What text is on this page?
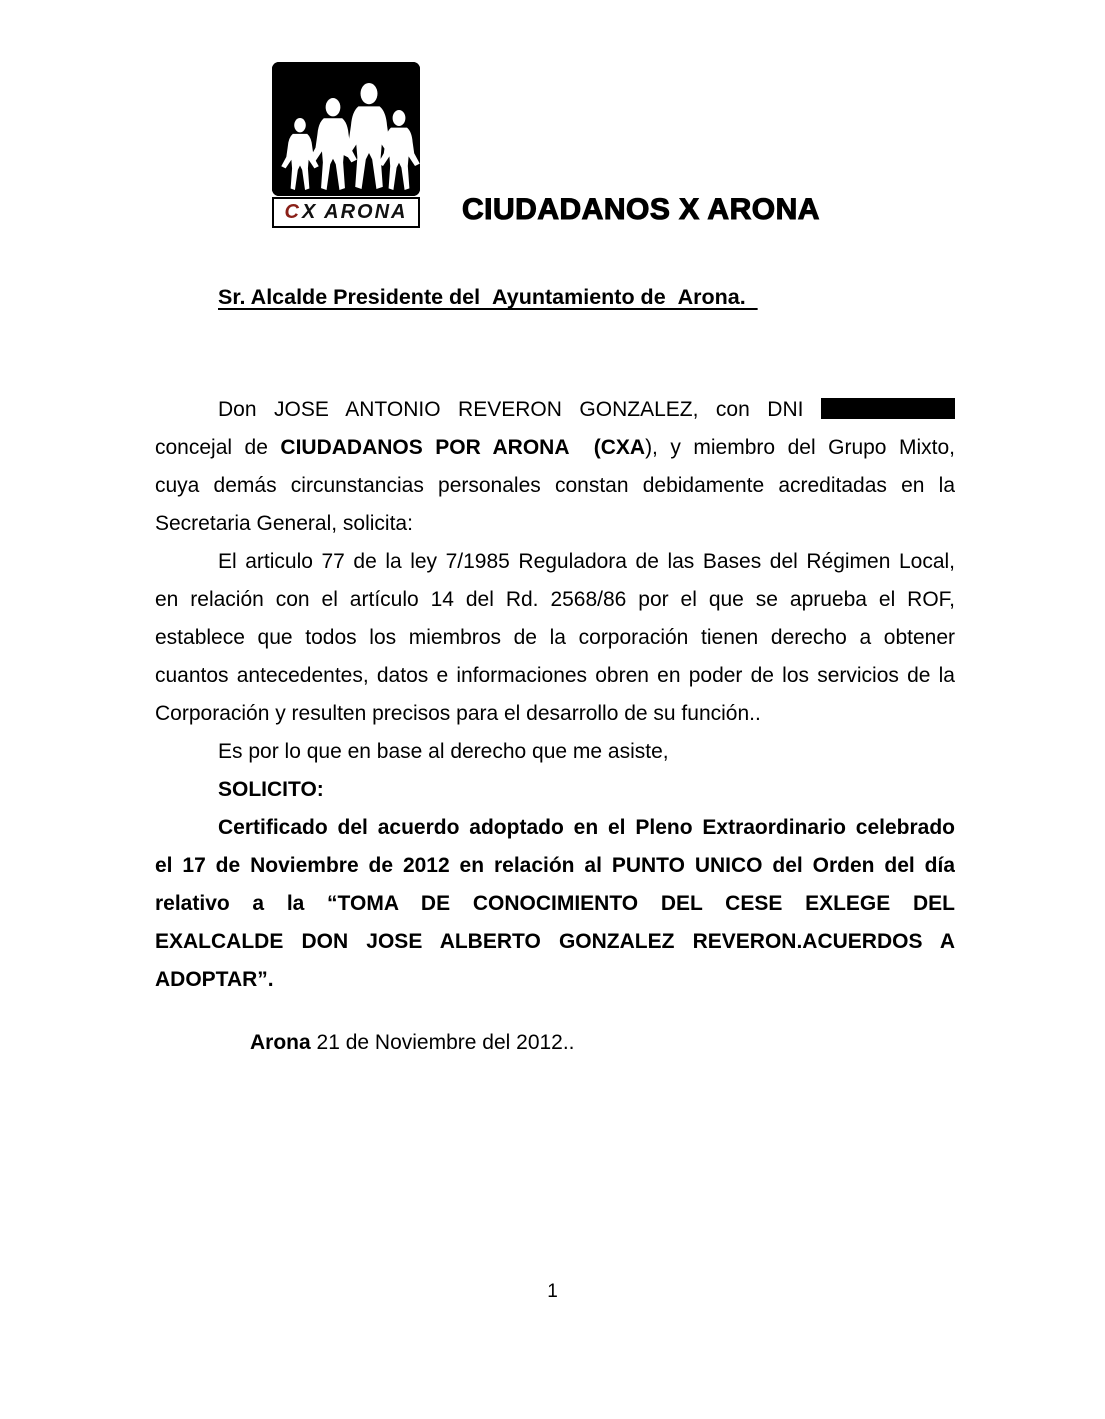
C X ARONA CIUDADANOS X ARONA
Sr. Alcalde Presidente del  Ayuntamiento de  Arona.
Don JOSE ANTONIO REVERON GONZALEZ, con DNI
concejal de CIUDADANOS POR ARONA  (CXA), y miembro del Grupo Mixto,
cuya demás circunstancias personales constan debidamente acreditadas en la
Secretaria General, solicita:
El articulo 77 de la ley 7/1985 Reguladora de las Bases del Régimen Local,
en relación con el artículo 14 del Rd. 2568/86 por el que se aprueba el ROF,
establece que todos los miembros de la corporación tienen derecho a obtener
cuantos antecedentes, datos e informaciones obren en poder de los servicios de la
Corporación y resulten precisos para el desarrollo de su función..
Es por lo que en base al derecho que me asiste,
SOLICITO:
Certificado del acuerdo adoptado en el Pleno Extraordinario celebrado
el 17 de Noviembre de 2012 en relación al PUNTO UNICO del Orden del día
relativo a la “TOMA DE CONOCIMIENTO DEL CESE EXLEGE DEL
EXALCALDE DON JOSE ALBERTO GONZALEZ REVERON.ACUERDOS A
ADOPTAR”.
Arona 21 de Noviembre del 2012..
1
